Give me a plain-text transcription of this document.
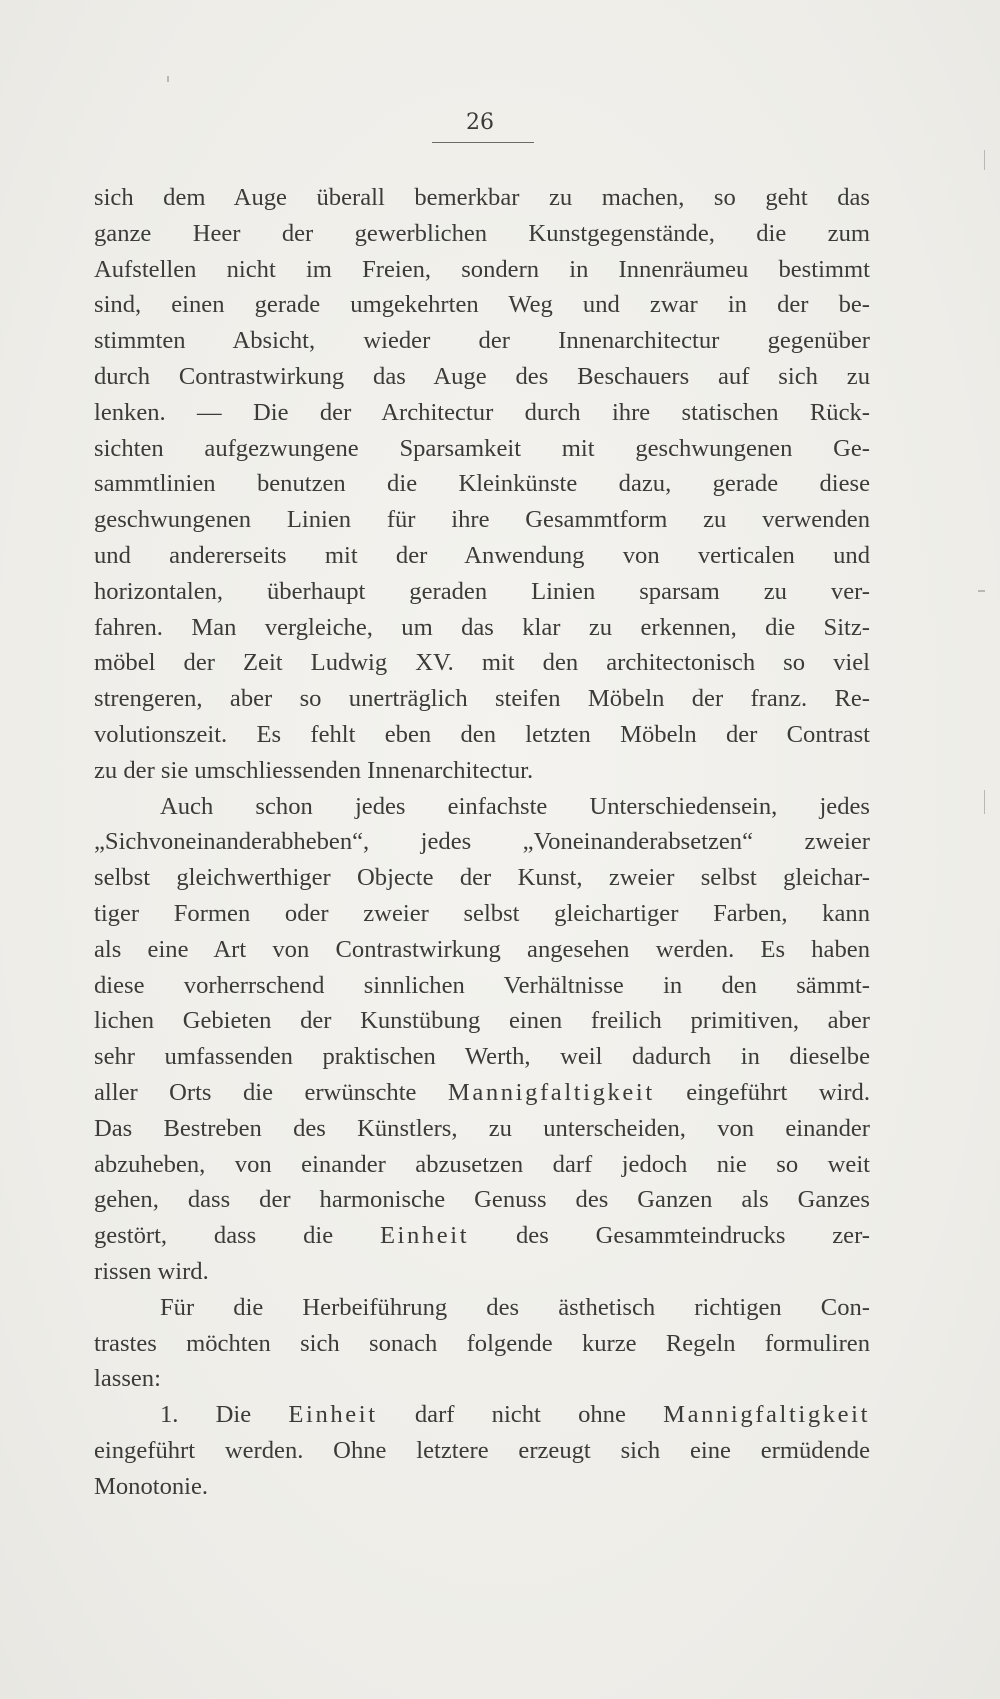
26
sich dem Auge überall bemerkbar zu machen, so geht das
ganze Heer der gewerblichen Kunstgegenstände, die zum
Aufstellen nicht im Freien, sondern in Innenräumeu bestimmt
sind, einen gerade umgekehrten Weg und zwar in der be-
stimmten Absicht, wieder der Innenarchitectur gegenüber
durch Contrastwirkung das Auge des Beschauers auf sich zu
lenken. — Die der Architectur durch ihre statischen Rück-
sichten aufgezwungene Sparsamkeit mit geschwungenen Ge-
sammtlinien benutzen die Kleinkünste dazu, gerade diese
geschwungenen Linien für ihre Gesammtform zu verwenden
und andererseits mit der Anwendung von verticalen und
horizontalen, überhaupt geraden Linien sparsam zu ver-
fahren. Man vergleiche, um das klar zu erkennen, die Sitz-
möbel der Zeit Ludwig XV. mit den architectonisch so viel
strengeren, aber so unerträglich steifen Möbeln der franz. Re-
volutionszeit. Es fehlt eben den letzten Möbeln der Contrast
zu der sie umschliessenden Innenarchitectur.
Auch schon jedes einfachste Unterschiedensein, jedes
„Sichvoneinanderabheben“, jedes „Voneinanderabsetzen“ zweier
selbst gleichwerthiger Objecte der Kunst, zweier selbst gleichar-
tiger Formen oder zweier selbst gleichartiger Farben, kann
als eine Art von Contrastwirkung angesehen werden. Es haben
diese vorherrschend sinnlichen Verhältnisse in den sämmt-
lichen Gebieten der Kunstübung einen freilich primitiven, aber
sehr umfassenden praktischen Werth, weil dadurch in dieselbe
aller Orts die erwünschte Mannigfaltigkeit eingeführt wird.
Das Bestreben des Künstlers, zu unterscheiden, von einander
abzuheben, von einander abzusetzen darf jedoch nie so weit
gehen, dass der harmonische Genuss des Ganzen als Ganzes
gestört, dass die Einheit des Gesammteindrucks zer-
rissen wird.
Für die Herbeiführung des ästhetisch richtigen Con-
trastes möchten sich sonach folgende kurze Regeln formuliren
lassen:
1. Die Einheit darf nicht ohne Mannigfaltigkeit
eingeführt werden. Ohne letztere erzeugt sich eine ermüdende
Monotonie.
